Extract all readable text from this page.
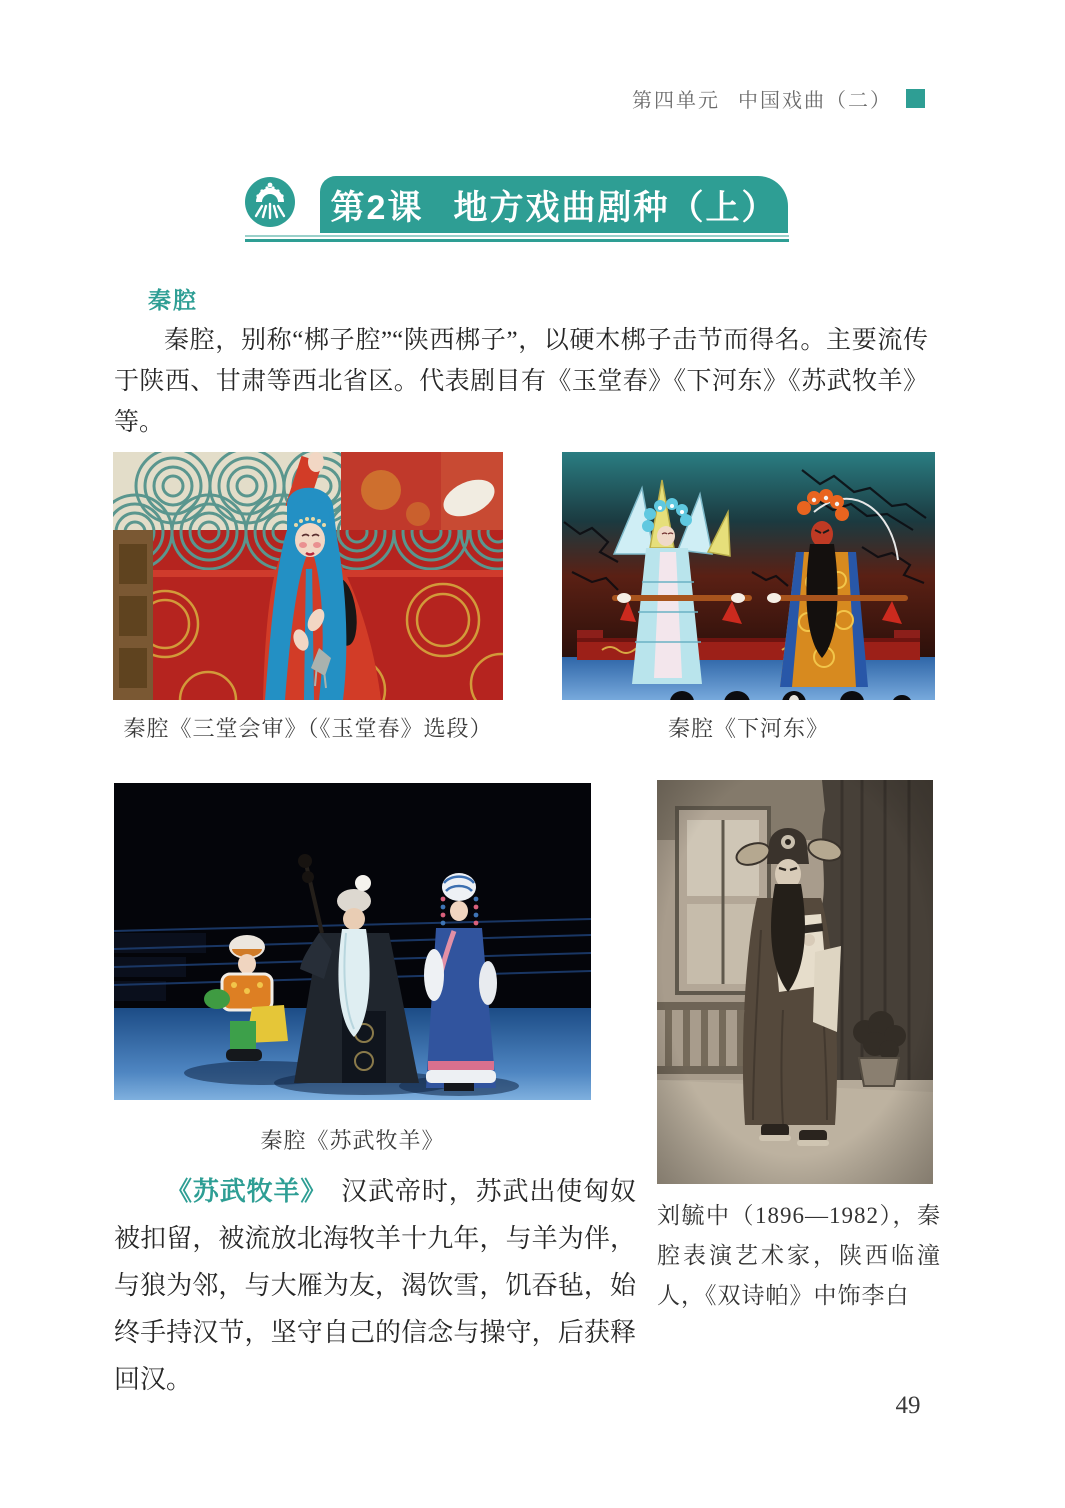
第四单元 中国戏曲（二）
第2课 地方戏曲剧种（上）
秦腔
秦腔，别称“梆子腔”“陕西梆子”，以硬木梆子击节而得名。主要流传于陕西、甘肃等西北省区。代表剧目有《玉堂春》《下河东》《苏武牧羊》等。
秦腔《三堂会审》（《玉堂春》选段）	秦腔《下河东》
秦腔《苏武牧羊》
刘毓中（1896—1982），秦腔表演艺术家，陕西临潼人，《双诗帕》中饰李白
《苏武牧羊》 汉武帝时，苏武出使匈奴被扣留，被流放北海牧羊十九年，与羊为伴，与狼为邻，与大雁为友，渴饮雪，饥吞毡，始终手持汉节，坚守自己的信念与操守，后获释回汉。
49
